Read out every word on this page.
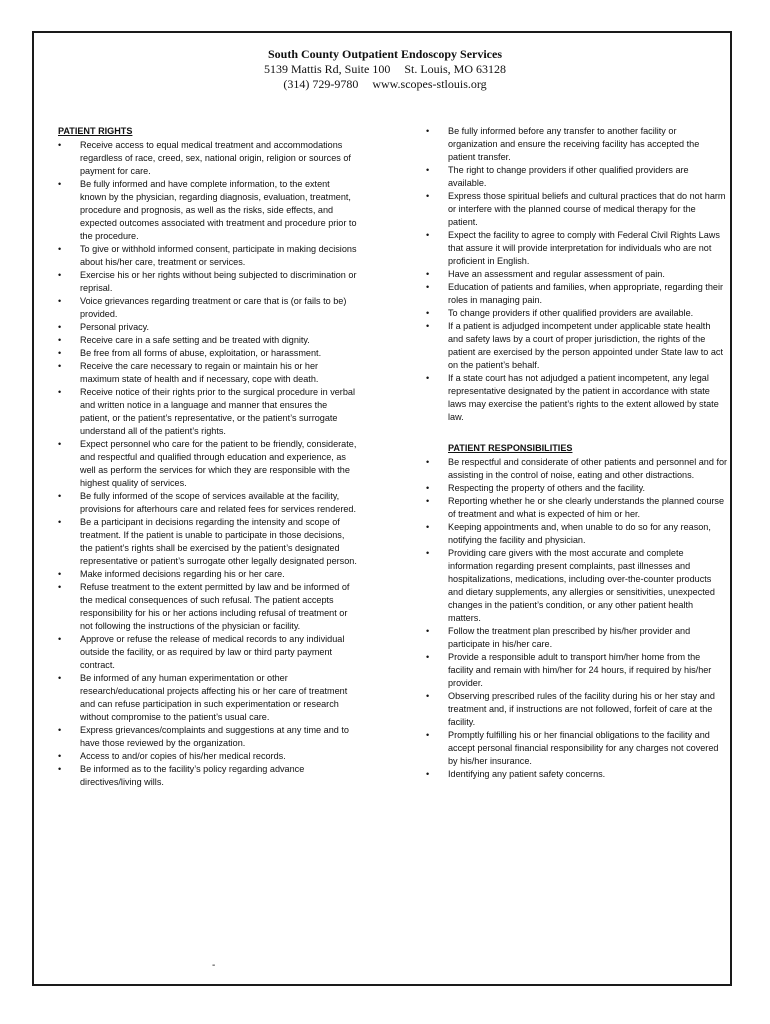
South County Outpatient Endoscopy Services
5139 Mattis Rd, Suite 100 St. Louis, MO 63128
(314) 729-9780 www.scopes-stlouis.org
PATIENT RIGHTS
• Receive access to equal medical treatment and accommodations regardless of race, creed, sex, national origin, religion or sources of payment for care.
• Be fully informed and have complete information, to the extent known by the physician, regarding diagnosis, evaluation, treatment, procedure and prognosis, as well as the risks, side effects, and expected outcomes associated with treatment and procedure prior to the procedure.
• To give or withhold informed consent, participate in making decisions about his/her care, treatment or services.
• Exercise his or her rights without being subjected to discrimination or reprisal.
• Voice grievances regarding treatment or care that is (or fails to be) provided.
• Personal privacy.
• Receive care in a safe setting and be treated with dignity.
• Be free from all forms of abuse, exploitation, or harassment.
• Receive the care necessary to regain or maintain his or her maximum state of health and if necessary, cope with death.
• Receive notice of their rights prior to the surgical procedure in verbal and written notice in a language and manner that ensures the patient, or the patient’s representative, or the patient’s surrogate understand all of the patient’s rights.
• Expect personnel who care for the patient to be friendly, considerate, and respectful and qualified through education and experience, as well as perform the services for which they are responsible with the highest quality of services.
• Be fully informed of the scope of services available at the facility, provisions for afterhours care and related fees for services rendered.
• Be a participant in decisions regarding the intensity and scope of treatment. If the patient is unable to participate in those decisions, the patient’s rights shall be exercised by the patient’s designated representative or patient’s surrogate other legally designated person.
• Make informed decisions regarding his or her care.
• Refuse treatment to the extent permitted by law and be informed of the medical consequences of such refusal. The patient accepts responsibility for his or her actions including refusal of treatment or not following the instructions of the physician or facility.
• Approve or refuse the release of medical records to any individual outside the facility, or as required by law or third party payment contract.
• Be informed of any human experimentation or other research/educational projects affecting his or her care of treatment and can refuse participation in such experimentation or research without compromise to the patient’s usual care.
• Express grievances/complaints and suggestions at any time and to have those reviewed by the organization.
• Access to and/or copies of his/her medical records.
• Be informed as to the facility’s policy regarding advance directives/living wills.
• Be fully informed before any transfer to another facility or organization and ensure the receiving facility has accepted the patient transfer.
• The right to change providers if other qualified providers are available.
• Express those spiritual beliefs and cultural practices that do not harm or interfere with the planned course of medical therapy for the patient.
• Expect the facility to agree to comply with Federal Civil Rights Laws that assure it will provide interpretation for individuals who are not proficient in English.
• Have an assessment and regular assessment of pain.
• Education of patients and families, when appropriate, regarding their roles in managing pain.
• To change providers if other qualified providers are available.
• If a patient is adjudged incompetent under applicable state health and safety laws by a court of proper jurisdiction, the rights of the patient are exercised by the person appointed under State law to act on the patient’s behalf.
• If a state court has not adjudged a patient incompetent, any legal representative designated by the patient in accordance with state laws may exercise the patient’s rights to the extent allowed by state law.
PATIENT RESPONSIBILITIES
• Be respectful and considerate of other patients and personnel and for assisting in the control of noise, eating and other distractions.
• Respecting the property of others and the facility.
• Reporting whether he or she clearly understands the planned course of treatment and what is expected of him or her.
• Keeping appointments and, when unable to do so for any reason, notifying the facility and physician.
• Providing care givers with the most accurate and complete information regarding present complaints, past illnesses and hospitalizations, medications, including over-the-counter products and dietary supplements, any allergies or sensitivities, unexpected changes in the patient’s condition, or any other patient health matters.
• Follow the treatment plan prescribed by his/her provider and participate in his/her care.
• Provide a responsible adult to transport him/her home from the facility and remain with him/her for 24 hours, if required by his/her provider.
• Observing prescribed rules of the facility during his or her stay and treatment and, if instructions are not followed, forfeit of care at the facility.
• Promptly fulfilling his or her financial obligations to the facility and accept personal financial responsibility for any charges not covered by his/her insurance.
• Identifying any patient safety concerns.
-
